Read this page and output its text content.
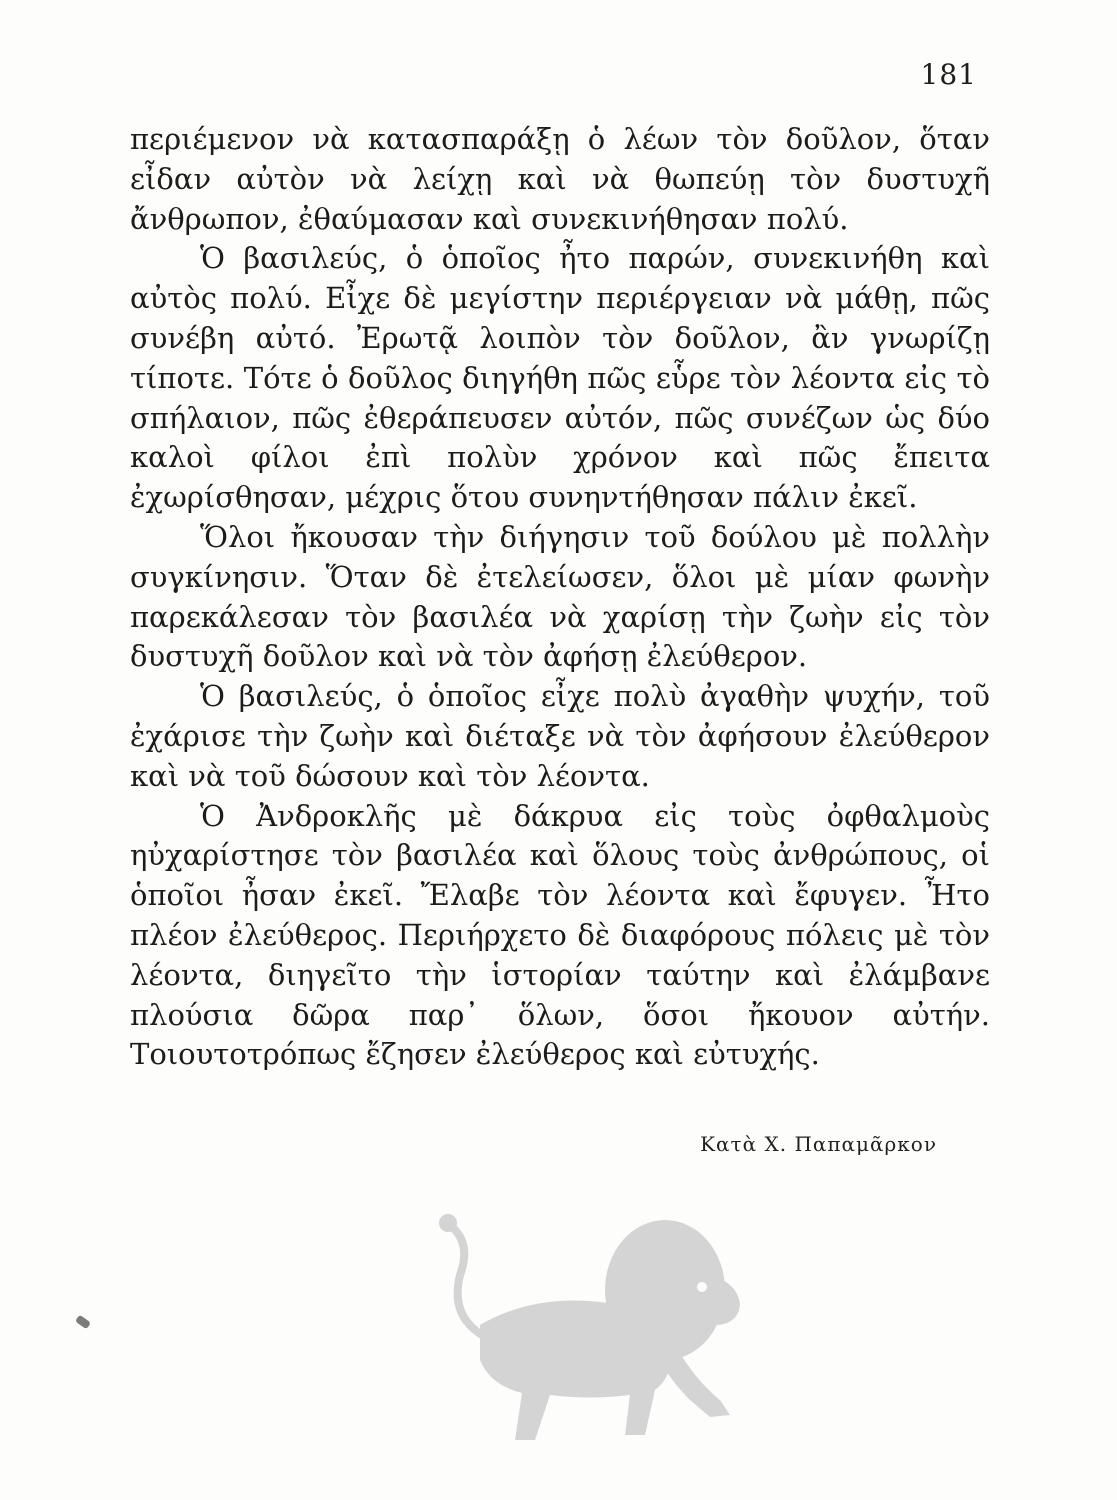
181

περιέμενον νὰ κατασπαράξῃ ὁ λέων τὸν δοῦλον, ὅταν εἶδαν αὐτὸν νὰ λείχῃ καὶ νὰ θωπεύῃ τὸν δυστυχῆ ἄνθρωπον, ἐθαύμασαν καὶ συνεκινήθησαν πολύ.

Ὁ βασιλεύς, ὁ ὁποῖος ἦτο παρών, συνεκινήθη καὶ αὐτὸς πολύ. Εἶχε δὲ μεγίστην περιέργειαν νὰ μάθῃ, πῶς συνέβη αὐτό. Ἐρωτᾷ λοιπὸν τὸν δοῦλον, ἂν γνωρίζῃ τίποτε. Τότε ὁ δοῦλος διηγήθη πῶς εὗρε τὸν λέοντα εἰς τὸ σπήλαιον, πῶς ἐθεράπευσεν αὐτόν, πῶς συνέζων ὡς δύο καλοὶ φίλοι ἐπὶ πολὺν χρόνον καὶ πῶς ἔπειτα ἐχωρίσθησαν, μέχρις ὅτου συνηντήθησαν πάλιν ἐκεῖ.

Ὅλοι ἤκουσαν τὴν διήγησιν τοῦ δούλου μὲ πολλὴν συγκίνησιν. Ὅταν δὲ ἐτελείωσεν, ὅλοι μὲ μίαν φωνὴν παρεκάλεσαν τὸν βασιλέα νὰ χαρίσῃ τὴν ζωὴν εἰς τὸν δυστυχῆ δοῦλον καὶ νὰ τὸν ἀφήσῃ ἐλεύθερον.

Ὁ βασιλεύς, ὁ ὁποῖος εἶχε πολὺ ἀγαθὴν ψυχήν, τοῦ ἐχάρισε τὴν ζωὴν καὶ διέταξε νὰ τὸν ἀφήσουν ἐλεύθερον καὶ νὰ τοῦ δώσουν καὶ τὸν λέοντα.

Ὁ Ἀνδροκλῆς μὲ δάκρυα εἰς τοὺς ὀφθαλμοὺς ηὐχαρίστησε τὸν βασιλέα καὶ ὅλους τοὺς ἀνθρώπους, οἱ ὁποῖοι ἦσαν ἐκεῖ. Ἔλαβε τὸν λέοντα καὶ ἔφυγεν. Ἦτο πλέον ἐλεύθερος. Περιήρχετο δὲ διαφόρους πόλεις μὲ τὸν λέοντα, διηγεῖτο τὴν ἱστορίαν ταύτην καὶ ἐλάμβανε πλούσια δῶρα παρ᾽ ὅλων, ὅσοι ἤκουον αὐτήν. Τοιουτοτρόπως ἔζησεν ἐλεύθερος καὶ εὐτυχής.

Κατὰ Χ. Παπαμᾶρκον
